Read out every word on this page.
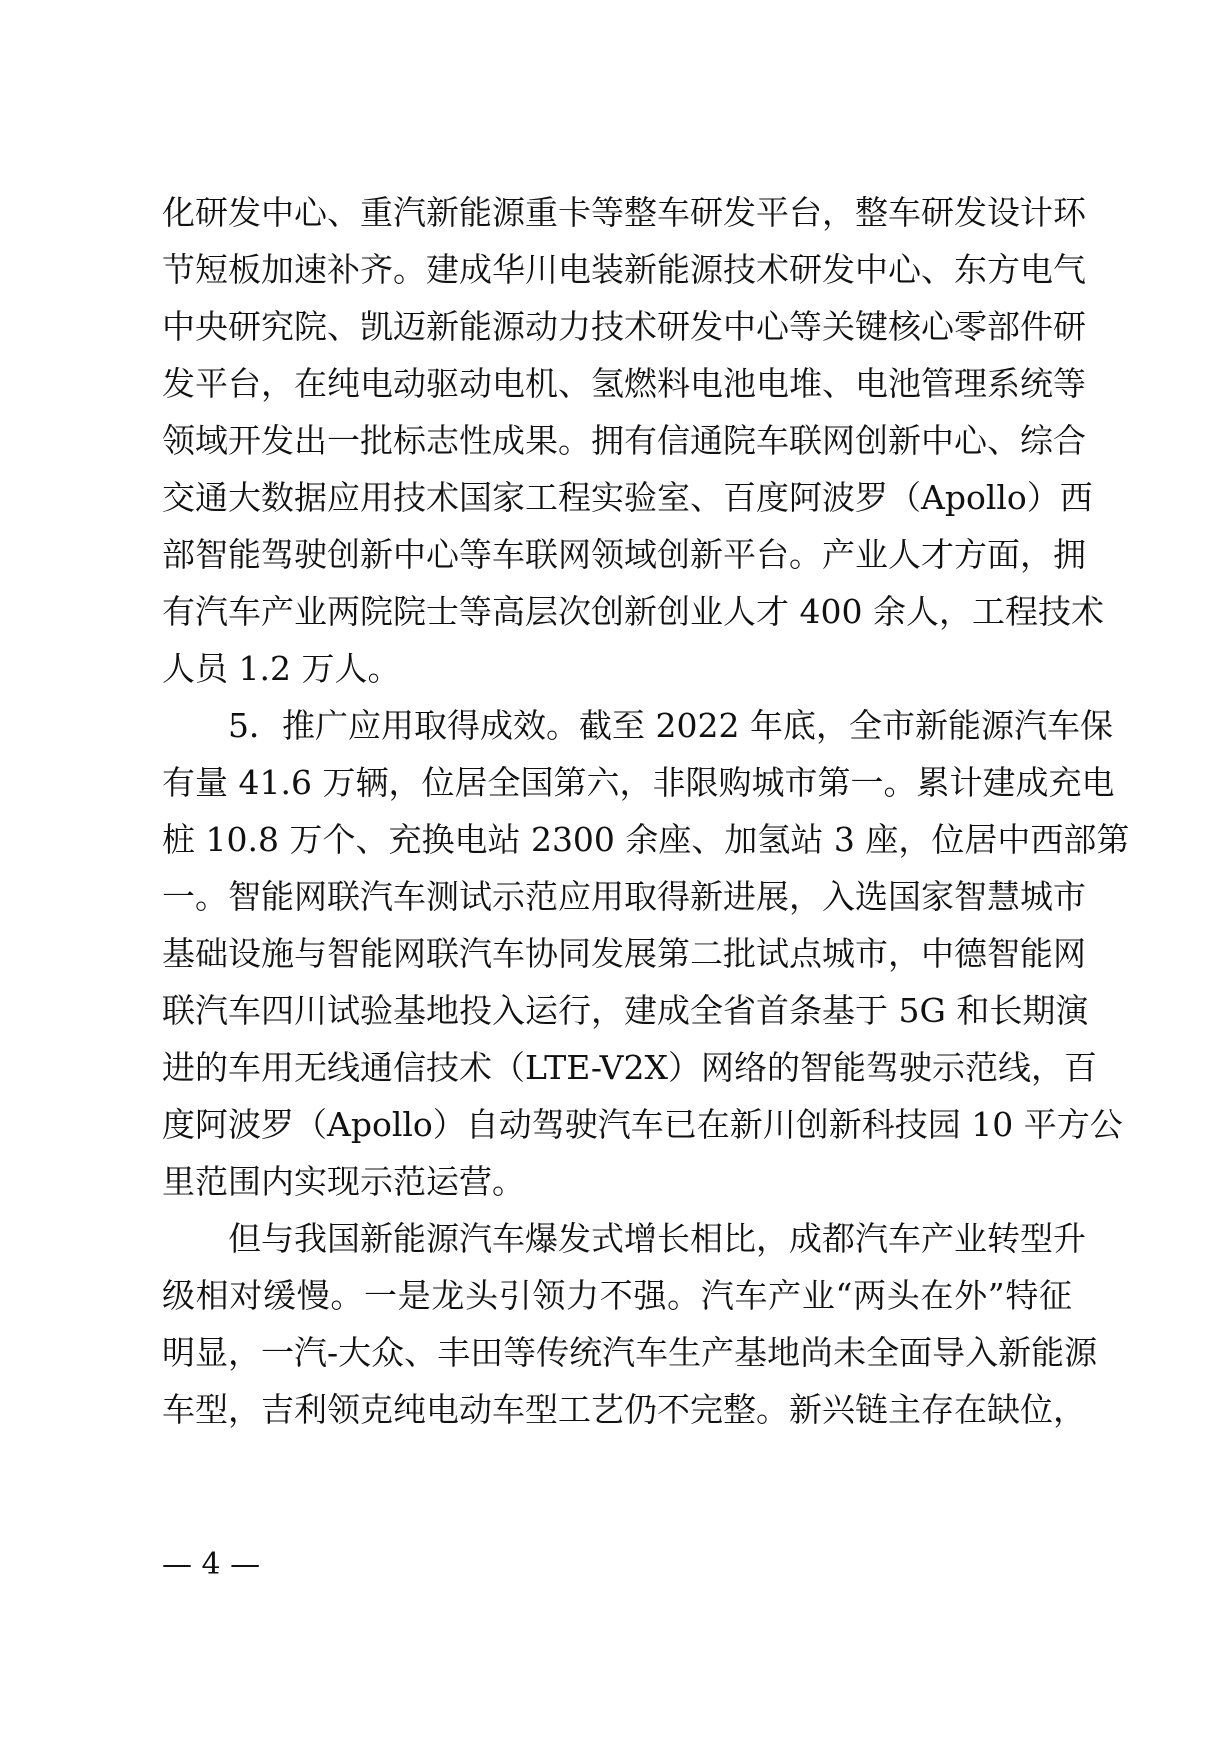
化研发中心、重汽新能源重卡等整车研发平台，整车研发设计环
节短板加速补齐。建成华川电装新能源技术研发中心、东方电气
中央研究院、凯迈新能源动力技术研发中心等关键核心零部件研
发平台，在纯电动驱动电机、氢燃料电池电堆、电池管理系统等
领域开发出一批标志性成果。拥有信通院车联网创新中心、综合
交通大数据应用技术国家工程实验室、百度阿波罗（Apollo）西
部智能驾驶创新中心等车联网领域创新平台。产业人才方面，拥
有汽车产业两院院士等高层次创新创业人才 400 余人，工程技术
人员 1.2 万人。
5．推广应用取得成效。截至 2022 年底，全市新能源汽车保
有量 41.6 万辆，位居全国第六，非限购城市第一。累计建成充电
桩 10.8 万个、充换电站 2300 余座、加氢站 3 座，位居中西部第
一。智能网联汽车测试示范应用取得新进展，入选国家智慧城市
基础设施与智能网联汽车协同发展第二批试点城市，中德智能网
联汽车四川试验基地投入运行，建成全省首条基于 5G 和长期演
进的车用无线通信技术（LTE-V2X）网络的智能驾驶示范线，百
度阿波罗（Apollo）自动驾驶汽车已在新川创新科技园 10 平方公
里范围内实现示范运营。
但与我国新能源汽车爆发式增长相比，成都汽车产业转型升
级相对缓慢。一是龙头引领力不强。汽车产业“两头在外”特征
明显，一汽-大众、丰田等传统汽车生产基地尚未全面导入新能源
车型，吉利领克纯电动车型工艺仍不完整。新兴链主存在缺位，
— 4 —
